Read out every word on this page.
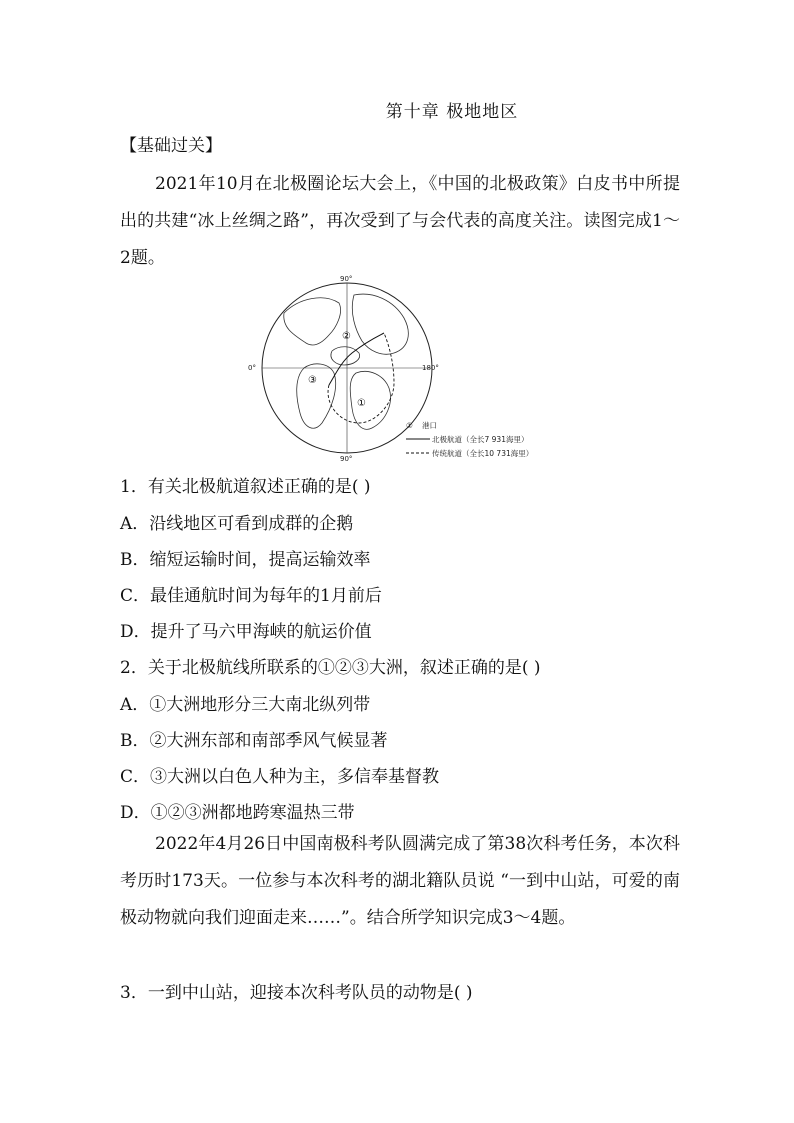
第十章 极地地区
【基础过关】
2021年10月在北极圈论坛大会上，《中国的北极政策》白皮书中所提出的共建“冰上丝绸之路”，再次受到了与会代表的高度关注。读图完成1～2题。
90°
90°
0°	180°
②
③
①
① 港口
北极航道（全长7 931海里）
传统航道（全长10 731海里）
1．有关北极航道叙述正确的是( )
A．沿线地区可看到成群的企鹅
B．缩短运输时间，提高运输效率
C．最佳通航时间为每年的1月前后
D．提升了马六甲海峡的航运价值
2．关于北极航线所联系的①②③大洲，叙述正确的是( )
A．①大洲地形分三大南北纵列带
B．②大洲东部和南部季风气候显著
C．③大洲以白色人种为主，多信奉基督教
D．①②③洲都地跨寒温热三带
2022年4月26日中国南极科考队圆满完成了第38次科考任务，本次科考历时173天。一位参与本次科考的湖北籍队员说 “一到中山站，可爱的南极动物就向我们迎面走来……”。结合所学知识完成3～4题。
3．一到中山站，迎接本次科考队员的动物是( )
